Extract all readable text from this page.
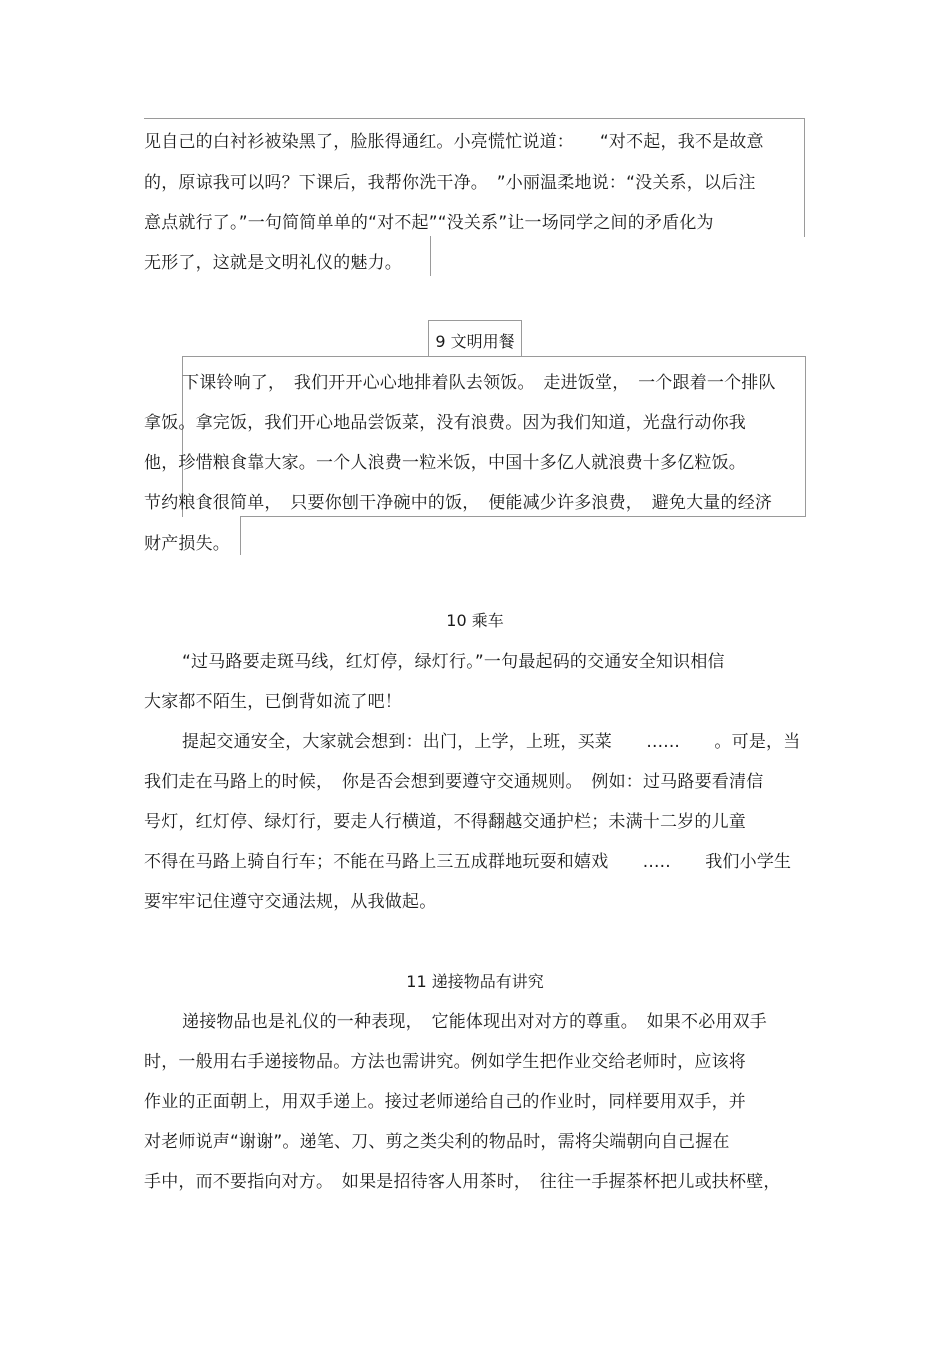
见自己的白衬衫被染黑了，脸胀得通红。小亮慌忙说道：　　“对不起，我不是故意
的，原谅我可以吗？下课后，我帮你洗干净。　”小丽温柔地说：“没关系，以后注
意点就行了。”一句简简单单的“对不起”“没关系”让一场同学之间的矛盾化为
无形了，这就是文明礼仪的魅力。
9 文明用餐
下课铃响了，　我们开开心心地排着队去领饭。　走进饭堂，　一个跟着一个排队
拿饭。拿完饭，我们开心地品尝饭菜，没有浪费。因为我们知道，光盘行动你我
他，珍惜粮食靠大家。一个人浪费一粒米饭，中国十多亿人就浪费十多亿粒饭。
节约粮食很简单，　只要你刨干净碗中的饭，　便能减少许多浪费，　避免大量的经济
财产损失。
10 乘车
“过马路要走斑马线，红灯停，绿灯行。”一句最起码的交通安全知识相信
大家都不陌生，已倒背如流了吧！
提起交通安全，大家就会想到：出门，上学，上班，买菜　　......　　。可是，当
我们走在马路上的时候，　你是否会想到要遵守交通规则。　例如：过马路要看清信
号灯，红灯停、绿灯行，要走人行横道，不得翻越交通护栏；未满十二岁的儿童
不得在马路上骑自行车；不能在马路上三五成群地玩耍和嬉戏　　.....　　我们小学生
要牢牢记住遵守交通法规，从我做起。
11 递接物品有讲究
递接物品也是礼仪的一种表现，　它能体现出对对方的尊重。　如果不必用双手
时，一般用右手递接物品。方法也需讲究。例如学生把作业交给老师时，应该将
作业的正面朝上，用双手递上。接过老师递给自己的作业时，同样要用双手，并
对老师说声“谢谢”。递笔、刀、剪之类尖利的物品时，需将尖端朝向自己握在
手中，而不要指向对方。　如果是招待客人用茶时，　往往一手握茶杯把儿或扶杯壁，
